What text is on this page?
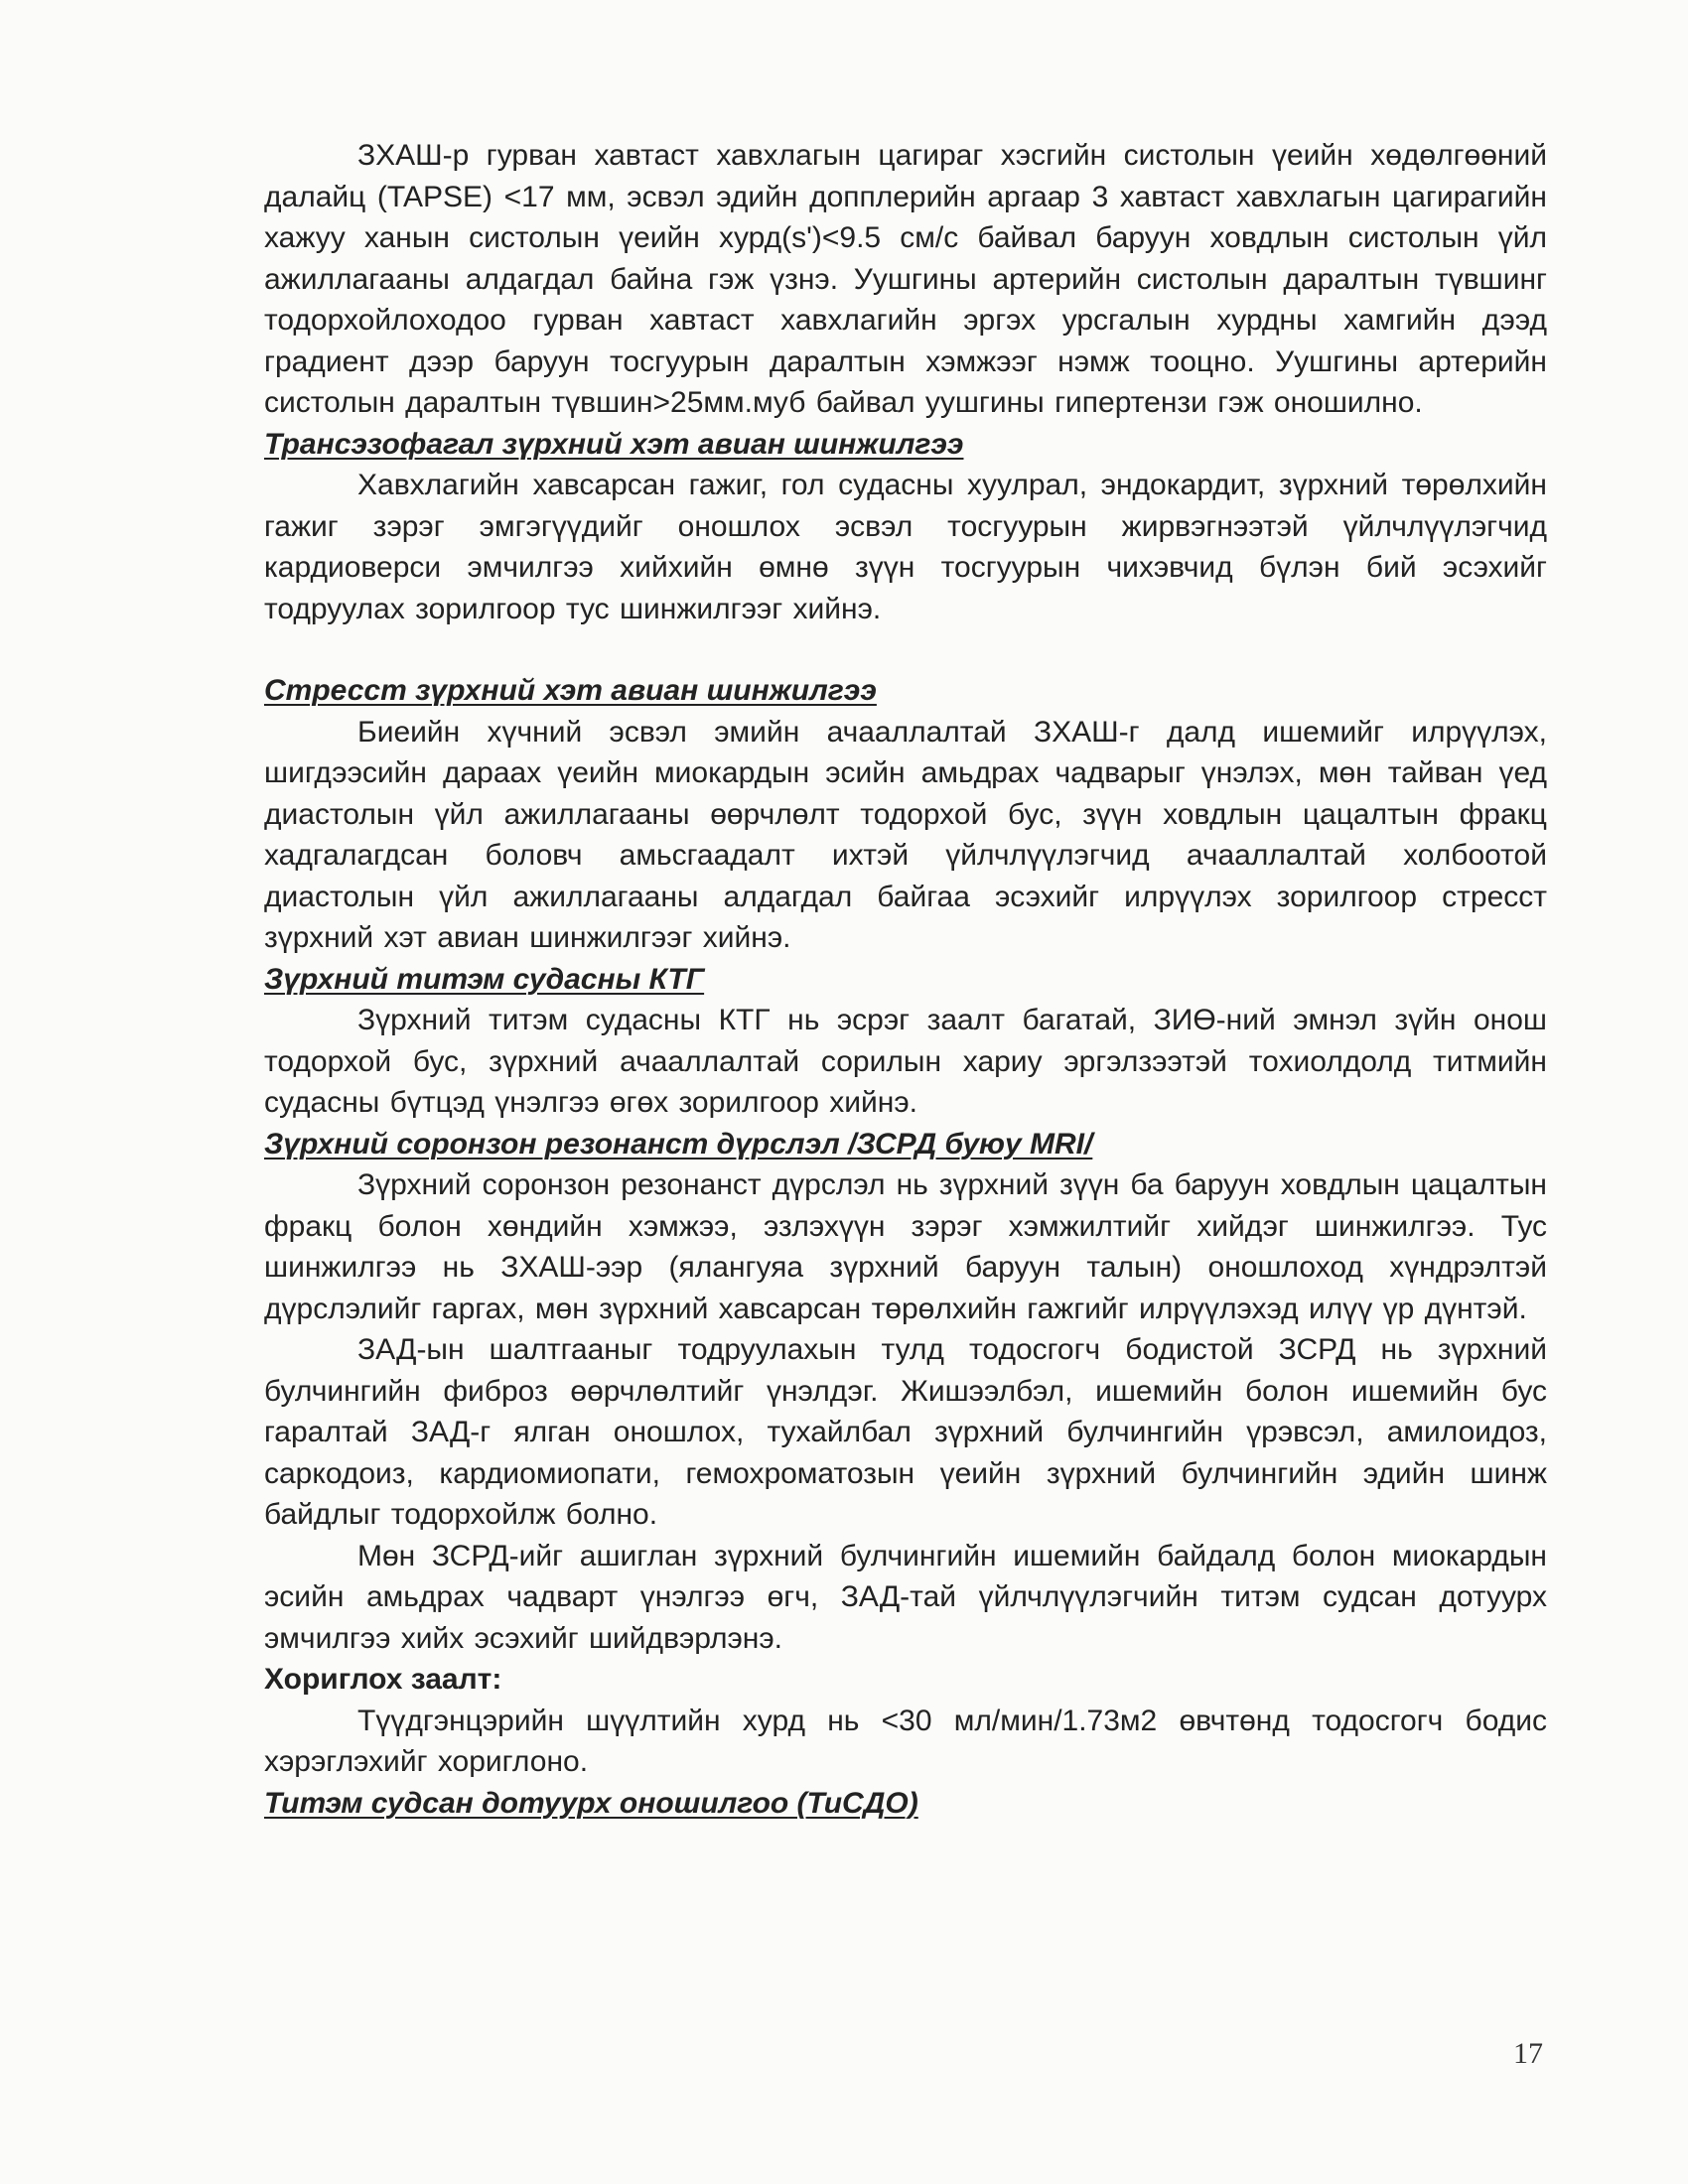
ЗХАШ-р гурван хавтаст хавхлагын цагираг хэсгийн систолын үеийн хөдөлгөөний далайц (TAPSE) <17 мм, эсвэл эдийн допплерийн аргаар 3 хавтаст хавхлагын цагирагийн хажуу ханын систолын үеийн хурд(s')<9.5 см/с байвал баруун ховдлын систолын үйл ажиллагааны алдагдал байна гэж үзнэ. Уушгины артерийн систолын даралтын түвшинг тодорхойлоходоо гурван хавтаст хавхлагийн эргэх урсгалын хурдны хамгийн дээд градиент дээр баруун тосгуурын даралтын хэмжээг нэмж тооцно. Уушгины артерийн систолын даралтын түвшин>25мм.муб байвал уушгины гипертензи гэж оношилно.

Трансэзофагал зүрхний хэт авиан шинжилгээ

Хавхлагийн хавсарсан гажиг, гол судасны хуулрал, эндокардит, зүрхний төрөлхийн гажиг зэрэг эмгэгүүдийг оношлох эсвэл тосгуурын жирвэгнээтэй үйлчлүүлэгчид кардиоверси эмчилгээ хийхийн өмнө зүүн тосгуурын чихэвчид бүлэн бий эсэхийг тодруулах зорилгоор тус шинжилгээг хийнэ.

Стресст зүрхний хэт авиан шинжилгээ

Биеийн хүчний эсвэл эмийн ачааллалтай ЗХАШ-г далд ишемийг илрүүлэх, шигдээсийн дараах үеийн миокардын эсийн амьдрах чадварыг үнэлэх, мөн тайван үед диастолын үйл ажиллагааны өөрчлөлт тодорхой бус, зүүн ховдлын цацалтын фракц хадгалагдсан боловч амьсгаадалт ихтэй үйлчлүүлэгчид ачааллалтай холбоотой диастолын үйл ажиллагааны алдагдал байгаа эсэхийг илрүүлэх зорилгоор стресст зүрхний хэт авиан шинжилгээг хийнэ.

Зүрхний титэм судасны КТГ

Зүрхний титэм судасны КТГ нь эсрэг заалт багатай, ЗИӨ-ний эмнэл зүйн онош тодорхой бус, зүрхний ачааллалтай сорилын хариу эргэлзээтэй тохиолдолд титмийн судасны бүтцэд үнэлгээ өгөх зорилгоор хийнэ.

Зүрхний соронзон резонанст дүрслэл /ЗСРД буюу MRI/

Зүрхний соронзон резонанст дүрслэл нь зүрхний зүүн ба баруун ховдлын цацалтын фракц болон хөндийн хэмжээ, эзлэхүүн зэрэг хэмжилтийг хийдэг шинжилгээ. Тус шинжилгээ нь ЗХАШ-ээр (ялангуяа зүрхний баруун талын) оношлоход хүндрэлтэй дүрслэлийг гаргах, мөн зүрхний хавсарсан төрөлхийн гажгийг илрүүлэхэд илүү үр дүнтэй.

ЗАД-ын шалтгааныг тодруулахын тулд тодосгогч бодистой ЗСРД нь зүрхний булчингийн фиброз өөрчлөлтийг үнэлдэг. Жишээлбэл, ишемийн болон ишемийн бус гаралтай ЗАД-г ялган оношлох, тухайлбал зүрхний булчингийн үрэвсэл, амилоидоз, саркодоиз, кардиомиопати, гемохроматозын үеийн зүрхний булчингийн эдийн шинж байдлыг тодорхойлж болно.

Мөн ЗСРД-ийг ашиглан зүрхний булчингийн ишемийн байдалд болон миокардын эсийн амьдрах чадварт үнэлгээ өгч, ЗАД-тай үйлчлүүлэгчийн титэм судсан дотуурх эмчилгээ хийх эсэхийг шийдвэрлэнэ.

Хориглох заалт:

Түүдгэнцэрийн шүүлтийн хурд нь <30 мл/мин/1.73м2 өвчтөнд тодосгогч бодис хэрэглэхийг хориглоно.

Титэм судсан дотуурх оношилгоо (ТиСДО)

17
